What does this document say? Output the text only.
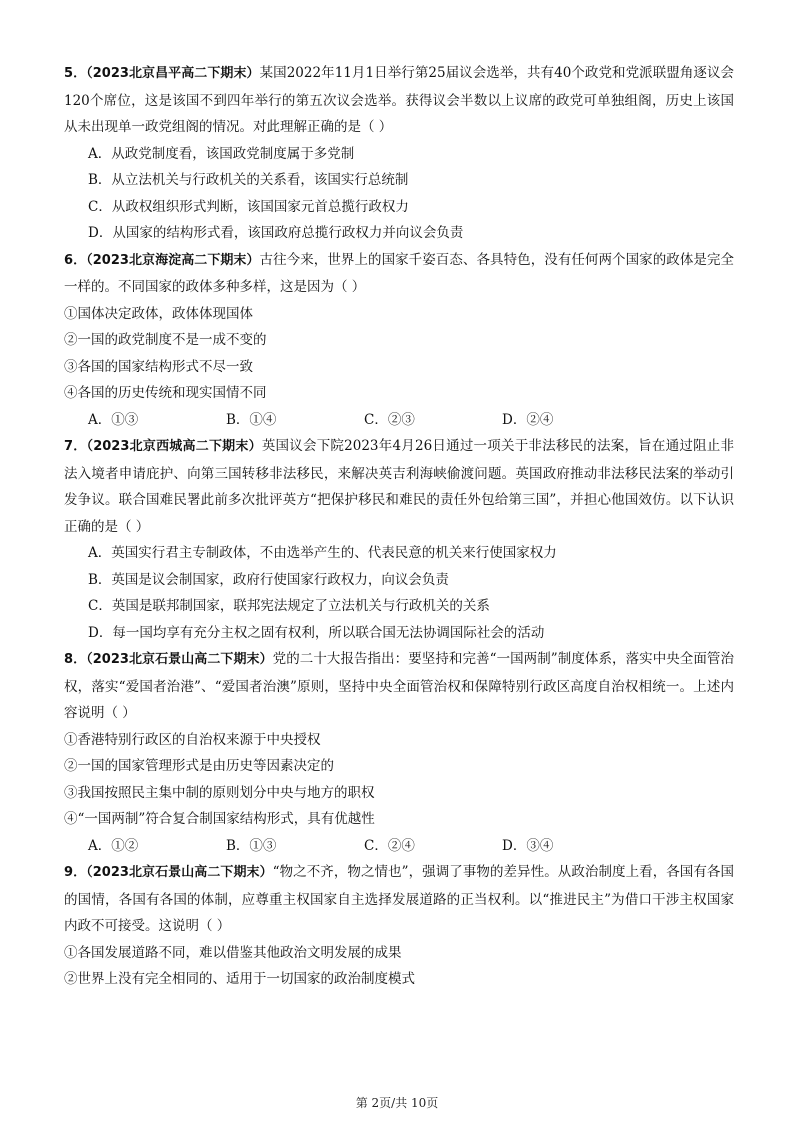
5．（2023北京昌平高二下期末）某国2022年11月1日举行第25届议会选举，共有40个政党和党派联盟角逐议会120个席位，这是该国不到四年举行的第五次议会选举。获得议会半数以上议席的政党可单独组阁，历史上该国从未出现单一政党组阁的情况。对此理解正确的是（ ）

A．从政党制度看，该国政党制度属于多党制

B．从立法机关与行政机关的关系看，该国实行总统制

C．从政权组织形式判断，该国国家元首总揽行政权力

D．从国家的结构形式看，该国政府总揽行政权力并向议会负责

6．（2023北京海淀高二下期末）古往今来，世界上的国家千姿百态、各具特色，没有任何两个国家的政体是完全一样的。不同国家的政体多种多样，这是因为（ ）

①国体决定政体，政体体现国体

②一国的政党制度不是一成不变的

③各国的国家结构形式不尽一致

④各国的历史传统和现实国情不同

A．①③	B．①④	C．②③	D．②④

7．（2023北京西城高二下期末）英国议会下院2023年4月26日通过一项关于非法移民的法案，旨在通过阻止非法入境者申请庇护、向第三国转移非法移民，来解决英吉利海峡偷渡问题。英国政府推动非法移民法案的举动引发争议。联合国难民署此前多次批评英方“把保护移民和难民的责任外包给第三国”，并担心他国效仿。以下认识正确的是（ ）

A．英国实行君主专制政体，不由选举产生的、代表民意的机关来行使国家权力

B．英国是议会制国家，政府行使国家行政权力，向议会负责

C．英国是联邦制国家，联邦宪法规定了立法机关与行政机关的关系

D．每一国均享有充分主权之固有权利，所以联合国无法协调国际社会的活动

8．（2023北京石景山高二下期末）党的二十大报告指出：要坚持和完善“一国两制”制度体系，落实中央全面管治权，落实“爱国者治港”、“爱国者治澳”原则，坚持中央全面管治权和保障特别行政区高度自治权相统一。上述内容说明（ ）

①香港特别行政区的自治权来源于中央授权

②一国的国家管理形式是由历史等因素决定的

③我国按照民主集中制的原则划分中央与地方的职权

④“一国两制”符合复合制国家结构形式，具有优越性

A．①②	B．①③	C．②④	D．③④

9．（2023北京石景山高二下期末）“物之不齐，物之情也”，强调了事物的差异性。从政治制度上看，各国有各国的国情，各国有各国的体制，应尊重主权国家自主选择发展道路的正当权利。以“推进民主”为借口干涉主权国家内政不可接受。这说明（ ）

①各国发展道路不同，难以借鉴其他政治文明发展的成果

②世界上没有完全相同的、适用于一切国家的政治制度模式

第 2页/共 10页
